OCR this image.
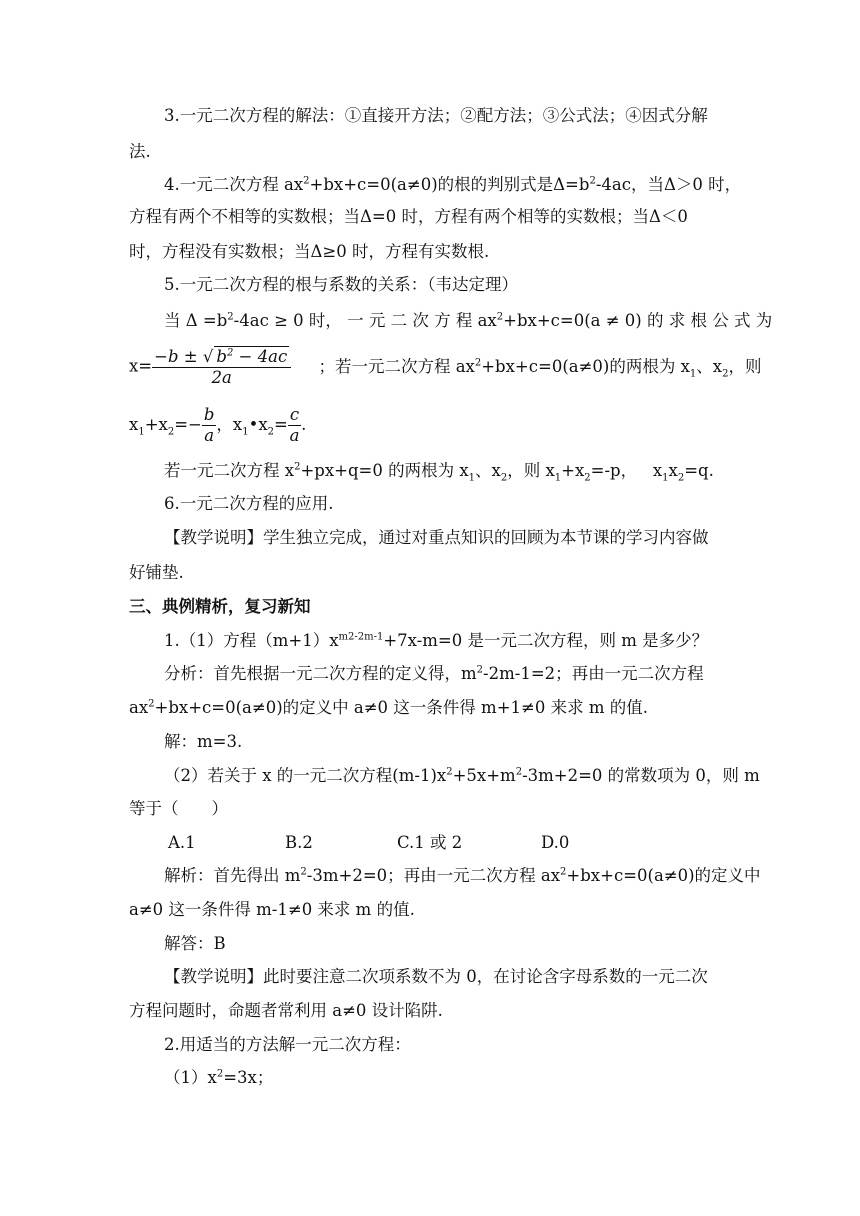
3.一元二次方程的解法：①直接开方法；②配方法；③公式法；④因式分解
法.
4.一元二次方程 $ax^2+bx+c=0(a\ne 0)$的根的判别式是$\Delta=b^2-4ac$，当Δ＞0 时，
方程有两个不相等的实数根；当Δ=0 时，方程有两个相等的实数根；当Δ＜0
时，方程没有实数根；当Δ≥0 时，方程有实数根.
5.一元二次方程的根与系数的关系：（韦达定理）
当 $\Delta =b^2-4ac \ge 0$ 时， 一 元 二 次 方 程 $ax^2+bx+c=0(a \ne 0)$ 的 求 根 公 式 为
$x= \frac{-b \pm √ b^2 - 4ac}{2a}$ ；若一元二次方程 $ax^2+bx+c=0(a\ne 0)$的两根为 $x_1$、$x_2$，则
$x_1+x_2=- \frac{b}{a}$ ，$x_1•x_2= \frac{c}{a}$ .
若一元二次方程 $x^2+px+q=0$ 的两根为 $x_1$、$x_2$，则 $x_1+x_2=-p$，   $x_1x_2=q$.
6.一元二次方程的应用.
【教学说明】学生独立完成，通过对重点知识的回顾为本节课的学习内容做
好铺垫.
三、典例精析，复习新知
1.（1）方程$(m+1)x^{m2-2m-1}+7x-m=0$ 是一元二次方程，则 m 是多少？
分析：首先根据一元二次方程的定义得，$m^2-2m-1=2$；再由一元二次方程
$ax^2+bx+c=0(a\ne 0)$的定义中 a≠0 这一条件得 m+1≠0 来求 m 的值.
解：m=3.
（2）若关于 x 的一元二次方程$(m-1)x^2+5x+m^2-3m+2=0$ 的常数项为 0，则 m
等于（　　）
A.1	B.2	C.1 或 2	D.0
解析：首先得出 $m^2-3m+2=0$；再由一元二次方程 $ax^2+bx+c=0(a\ne 0)$的定义中
a≠0 这一条件得 m-1≠0 来求 m 的值.
解答：B
【教学说明】此时要注意二次项系数不为 0，在讨论含字母系数的一元二次
方程问题时，命题者常利用 a≠0 设计陷阱.
2.用适当的方法解一元二次方程：
$(1)x^2=3x$；
